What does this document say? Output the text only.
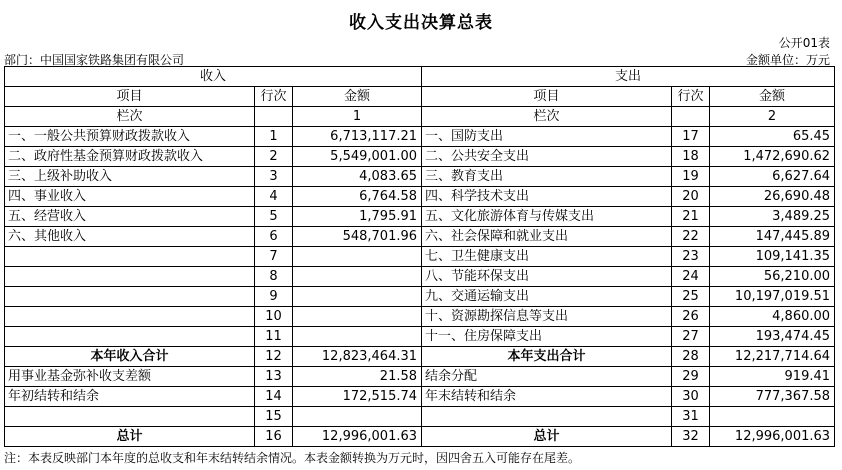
收入支出决算总表
公开01表
部门：中国国家铁路集团有限公司	金额单位：万元
收入			支出		
项目	行次	金额	项目	行次	金额
栏次		1	栏次		2
一、一般公共预算财政拨款收入	1	6,713,117.21	一、国防支出	17	65.45
二、政府性基金预算财政拨款收入	2	5,549,001.00	二、公共安全支出	18	1,472,690.62
三、上级补助收入	3	4,083.65	三、教育支出	19	6,627.64
四、事业收入	4	6,764.58	四、科学技术支出	20	26,690.48
五、经营收入	5	1,795.91	五、文化旅游体育与传媒支出	21	3,489.25
六、其他收入	6	548,701.96	六、社会保障和就业支出	22	147,445.89
	7		七、卫生健康支出	23	109,141.35
	8		八、节能环保支出	24	56,210.00
	9		九、交通运输支出	25	10,197,019.51
	10		十、资源勘探信息等支出	26	4,860.00
	11		十一、住房保障支出	27	193,474.45
本年收入合计	12	12,823,464.31	本年支出合计	28	12,217,714.64
用事业基金弥补收支差额	13	21.58	结余分配	29	919.41
年初结转和结余	14	172,515.74	年末结转和结余	30	777,367.58
	15			31	
总计	16	12,996,001.63	总计	32	12,996,001.63
注：本表反映部门本年度的总收支和年末结转结余情况。本表金额转换为万元时，因四舍五入可能存在尾差。
